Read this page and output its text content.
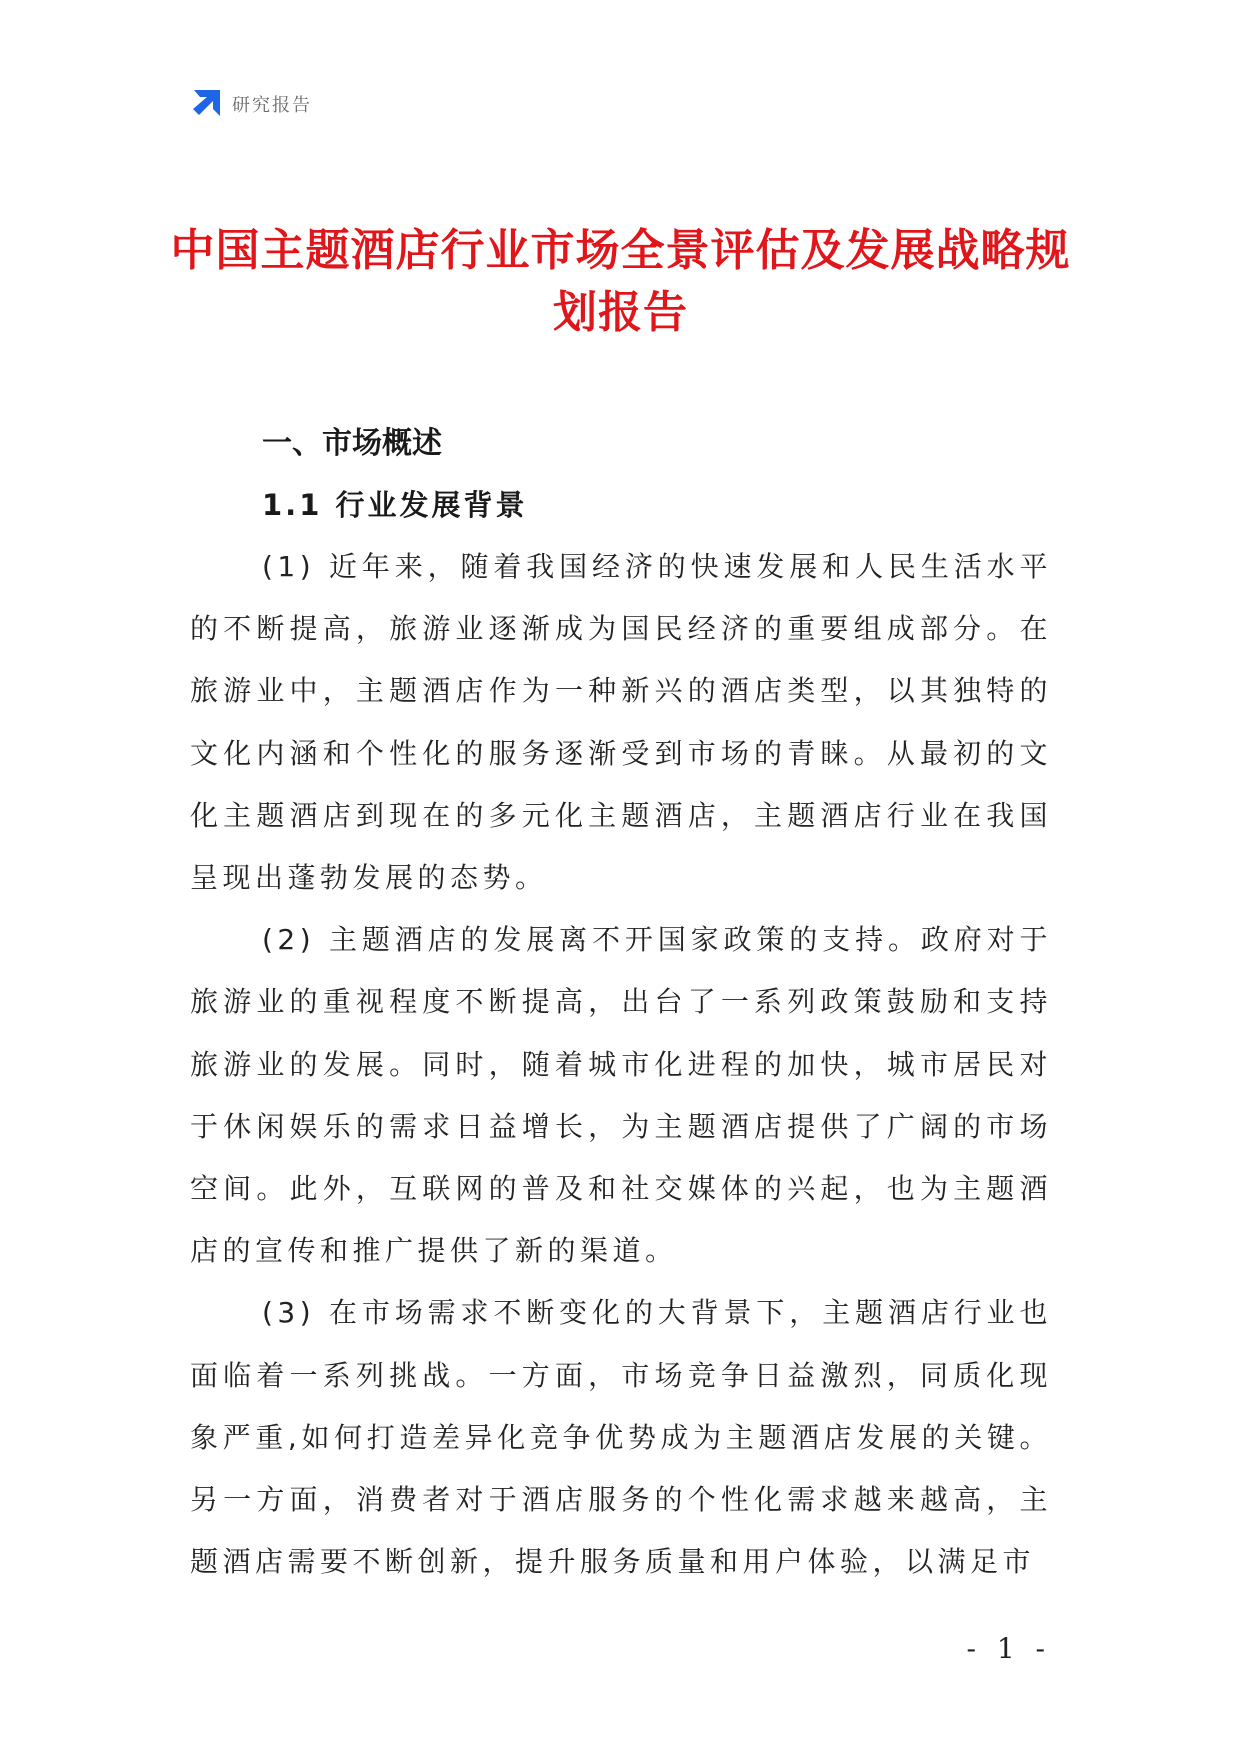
研究报告
中国主题酒店行业市场全景评估及发展战略规划报告
一、市场概述
1.1 行业发展背景

(1) 近年来，随着我国经济的快速发展和人民生活水平的不断提高，旅游业逐渐成为国民经济的重要组成部分。在旅游业中，主题酒店作为一种新兴的酒店类型，以其独特的文化内涵和个性化的服务逐渐受到市场的青睐。从最初的文化主题酒店到现在的多元化主题酒店，主题酒店行业在我国呈现出蓬勃发展的态势。

(2) 主题酒店的发展离不开国家政策的支持。政府对于旅游业的重视程度不断提高，出台了一系列政策鼓励和支持旅游业的发展。同时，随着城市化进程的加快，城市居民对于休闲娱乐的需求日益增长，为主题酒店提供了广阔的市场空间。此外，互联网的普及和社交媒体的兴起，也为主题酒店的宣传和推广提供了新的渠道。

(3) 在市场需求不断变化的大背景下，主题酒店行业也面临着一系列挑战。一方面，市场竞争日益激烈，同质化现象严重,如何打造差异化竞争优势成为主题酒店发展的关键。另一方面，消费者对于酒店服务的个性化需求越来越高，主题酒店需要不断创新，提升服务质量和用户体验，以满足市

- 1 -
